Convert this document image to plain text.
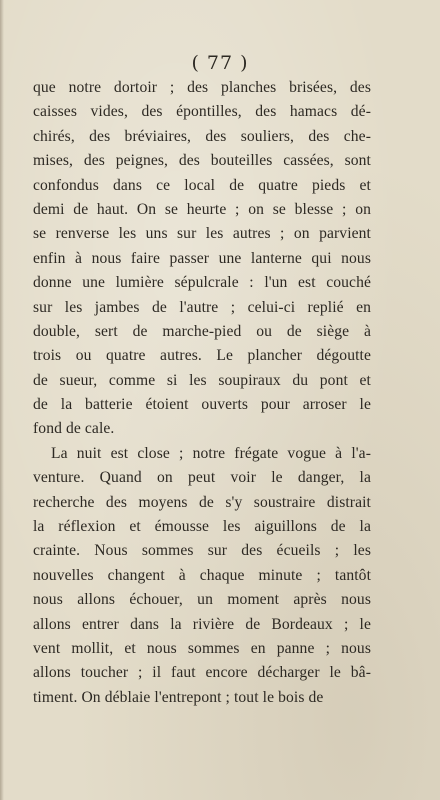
( 77 )
que notre dortoir ; des planches brisées, des
caisses vides, des épontilles, des hamacs dé-
chirés, des bréviaires, des souliers, des che-
mises, des peignes, des bouteilles cassées, sont
confondus dans ce local de quatre pieds et
demi de haut. On se heurte ; on se blesse ; on
se renverse les uns sur les autres ; on parvient
enfin à nous faire passer une lanterne qui nous
donne une lumière sépulcrale : l'un est couché
sur les jambes de l'autre ; celui-ci replié en
double, sert de marche-pied ou de siège à
trois ou quatre autres. Le plancher dégoutte
de sueur, comme si les soupiraux du pont et
de la batterie étoient ouverts pour arroser le
fond de cale.
La nuit est close ; notre frégate vogue à l'a-
venture. Quand on peut voir le danger, la
recherche des moyens de s'y soustraire distrait
la réflexion et émousse les aiguillons de la
crainte. Nous sommes sur des écueils ; les
nouvelles changent à chaque minute ; tantôt
nous allons échouer, un moment après nous
allons entrer dans la rivière de Bordeaux ; le
vent mollit, et nous sommes en panne ; nous
allons toucher ; il faut encore décharger le bâ-
timent. On déblaie l'entrepont ; tout le bois de
